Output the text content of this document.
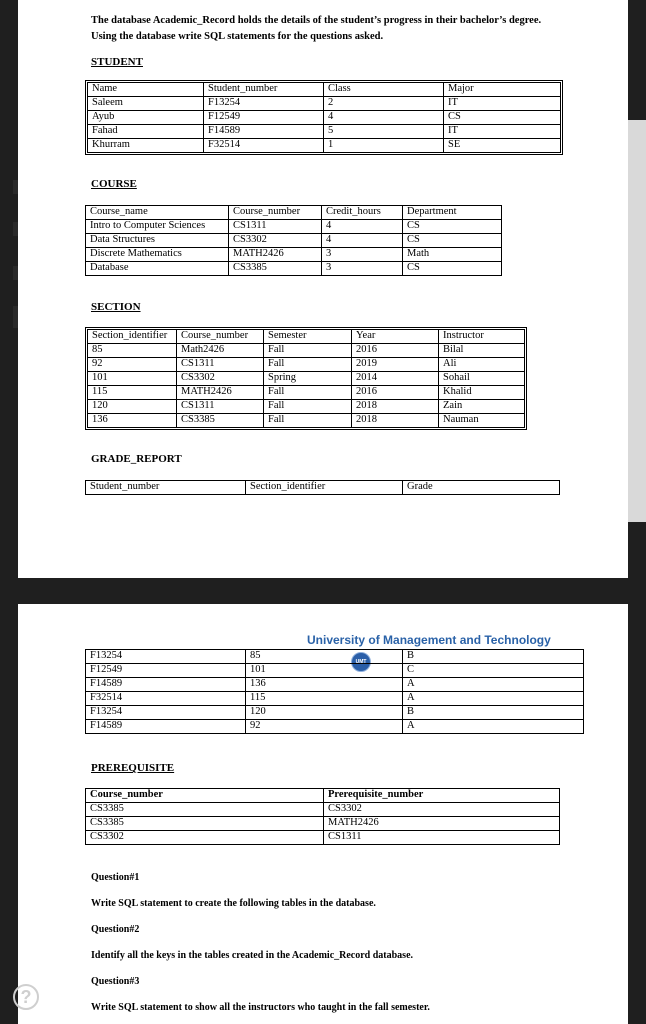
The database Academic_Record holds the details of the student’s progress in their bachelor’s degree. Using the database write SQL statements for the questions asked.
STUDENT
Name	Student_number	Class	Major
Saleem	F13254	2	IT
Ayub	F12549	4	CS
Fahad	F14589	5	IT
Khurram	F32514	1	SE
COURSE
Course_name	Course_number	Credit_hours	Department
Intro to Computer Sciences	CS1311	4	CS
Data Structures	CS3302	4	CS
Discrete Mathematics	MATH2426	3	Math
Database	CS3385	3	CS
SECTION
Section_identifier	Course_number	Semester	Year	Instructor
85	Math2426	Fall	2016	Bilal
92	CS1311	Fall	2019	Ali
101	CS3302	Spring	2014	Sohail
115	MATH2426	Fall	2016	Khalid
120	CS1311	Fall	2018	Zain
136	CS3385	Fall	2018	Nauman
GRADE_REPORT
Student_number	Section_identifier	Grade
University of Management and Technology
UMT
F13254	85	B
F12549	101	C
F14589	136	A
F32514	115	A
F13254	120	B
F14589	92	A
PREREQUISITE
Course_number	Prerequisite_number
CS3385	CS3302
CS3385	MATH2426
CS3302	CS1311
Question#1
Write SQL statement to create the following tables in the database.
Question#2
Identify all the keys in the tables created in the Academic_Record database.
Question#3
Write SQL statement to show all the instructors who taught in the fall semester.
?
